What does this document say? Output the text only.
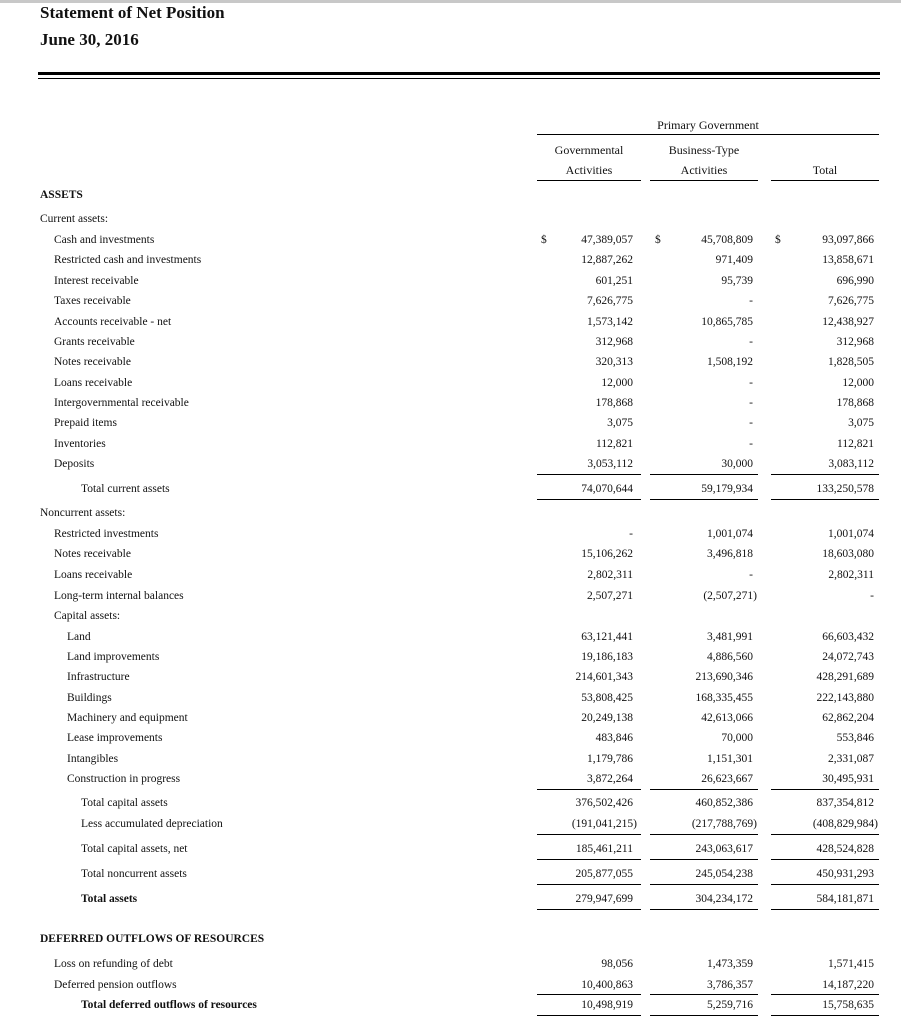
Statement of Net Position
June 30, 2016
Primary Government
Governmental
Activities
Business-Type
Activities	Total
ASSETS
Current assets:
Cash and investments	$	47,389,057 $	45,708,809 $	93,097,866
Restricted cash and investments	12,887,262	971,409	13,858,671
Interest receivable	601,251	95,739	696,990
Taxes receivable	7,626,775	-	7,626,775
Accounts receivable - net	1,573,142	10,865,785	12,438,927
Grants receivable	312,968	-	312,968
Notes receivable	320,313	1,508,192	1,828,505
Loans receivable	12,000	-	12,000
Intergovernmental receivable	178,868	-	178,868
Prepaid items	3,075	-	3,075
Inventories	112,821	-	112,821
Deposits	3,053,112	30,000	3,083,112
Total current assets	74,070,644	59,179,934	133,250,578
Noncurrent assets:
Restricted investments	-	1,001,074	1,001,074
Notes receivable	15,106,262	3,496,818	18,603,080
Loans receivable	2,802,311	-	2,802,311
Long-term internal balances	2,507,271	(2,507,271)	-
Capital assets:
Land	63,121,441	3,481,991	66,603,432
Land improvements	19,186,183	4,886,560	24,072,743
Infrastructure	214,601,343	213,690,346	428,291,689
Buildings	53,808,425	168,335,455	222,143,880
Machinery and equipment	20,249,138	42,613,066	62,862,204
Lease improvements	483,846	70,000	553,846
Intangibles	1,179,786	1,151,301	2,331,087
Construction in progress	3,872,264	26,623,667	30,495,931
Total capital assets	376,502,426	460,852,386	837,354,812
Less accumulated depreciation	(191,041,215)	(217,788,769)	(408,829,984)
Total capital assets, net	185,461,211	243,063,617	428,524,828
Total noncurrent assets	205,877,055	245,054,238	450,931,293
Total assets	279,947,699	304,234,172	584,181,871
DEFERRED OUTFLOWS OF RESOURCES
Loss on refunding of debt	98,056	1,473,359	1,571,415
Deferred pension outflows	10,400,863	3,786,357	14,187,220
Total deferred outflows of resources	10,498,919	5,259,716	15,758,635
